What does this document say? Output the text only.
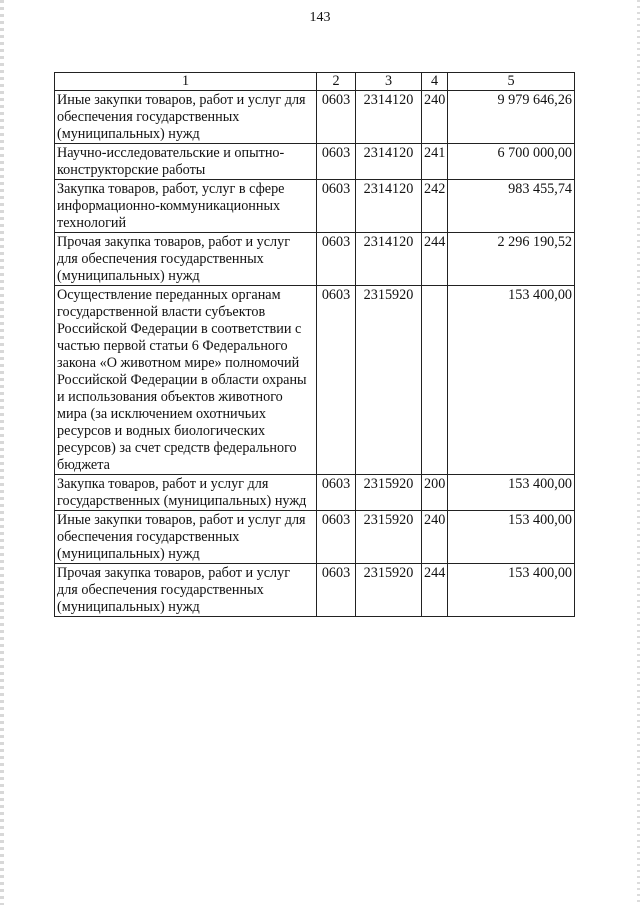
143
1	2	3	4	5
Иные закупки товаров, работ и услуг для обеспечения государственных (муниципальных) нужд	0603	2314120	240	9 979 646,26
Научно-исследовательские и опытно-конструкторские работы	0603	2314120	241	6 700 000,00
Закупка товаров, работ, услуг в сфере информационно-коммуникационных технологий	0603	2314120	242	983 455,74
Прочая закупка товаров, работ и услуг для обеспечения государственных (муниципальных) нужд	0603	2314120	244	2 296 190,52
Осуществление переданных органам государственной власти субъектов Российской Федерации в соответствии с частью первой статьи 6 Федерального закона «О животном мире» полномочий Российской Федерации в области охраны и использования объектов животного мира (за исключением охотничьих ресурсов и водных биологических ресурсов) за счет средств федерального бюджета	0603	2315920		153 400,00
Закупка товаров, работ и услуг для государственных (муниципальных) нужд	0603	2315920	200	153 400,00
Иные закупки товаров, работ и услуг для обеспечения государственных (муниципальных) нужд	0603	2315920	240	153 400,00
Прочая закупка товаров, работ и услуг для обеспечения государственных (муниципальных) нужд	0603	2315920	244	153 400,00
